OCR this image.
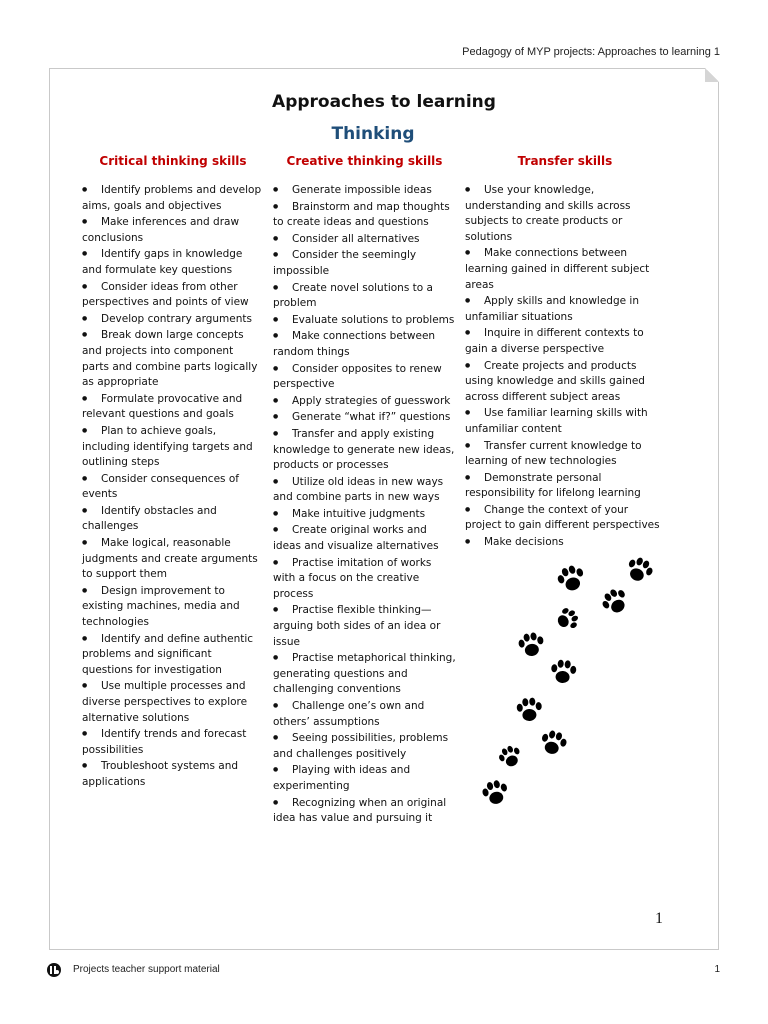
Pedagogy of MYP projects: Approaches to learning 1
Approaches to learning
Thinking
Critical thinking skills
● Identify problems and develop aims, goals and objectives
● Make inferences and draw conclusions
● Identify gaps in knowledge and formulate key questions
● Consider ideas from other perspectives and points of view
● Develop contrary arguments
● Break down large concepts and projects into component parts and combine parts logically as appropriate
● Formulate provocative and relevant questions and goals
● Plan to achieve goals, including identifying targets and outlining steps
● Consider consequences of events
● Identify obstacles and challenges
● Make logical, reasonable judgments and create arguments to support them
● Design improvement to existing machines, media and technologies
● Identify and define authentic problems and significant questions for investigation
● Use multiple processes and diverse perspectives to explore alternative solutions
● Identify trends and forecast possibilities
● Troubleshoot systems and applications
Creative thinking skills
● Generate impossible ideas
● Brainstorm and map thoughts to create ideas and questions
● Consider all alternatives
● Consider the seemingly impossible
● Create novel solutions to a problem
● Evaluate solutions to problems
● Make connections between random things
● Consider opposites to renew perspective
● Apply strategies of guesswork
● Generate “what if?” questions
● Transfer and apply existing knowledge to generate new ideas, products or processes
● Utilize old ideas in new ways and combine parts in new ways
● Make intuitive judgments
● Create original works and ideas and visualize alternatives
● Practise imitation of works with a focus on the creative process
● Practise flexible thinking—arguing both sides of an idea or issue
● Practise metaphorical thinking, generating questions and challenging conventions
● Challenge one’s own and others’ assumptions
● Seeing possibilities, problems and challenges positively
● Playing with ideas and experimenting
● Recognizing when an original idea has value and pursuing it
Transfer skills
● Use your knowledge, understanding and skills across subjects to create products or solutions
● Make connections between learning gained in different subject areas
● Apply skills and knowledge in unfamiliar situations
● Inquire in different contexts to gain a diverse perspective
● Create projects and products using knowledge and skills gained across different subject areas
● Use familiar learning skills with unfamiliar content
● Transfer current knowledge to learning of new technologies
● Demonstrate personal responsibility for lifelong learning
● Change the context of your project to gain different perspectives
● Make decisions
1
Projects teacher support material	1
